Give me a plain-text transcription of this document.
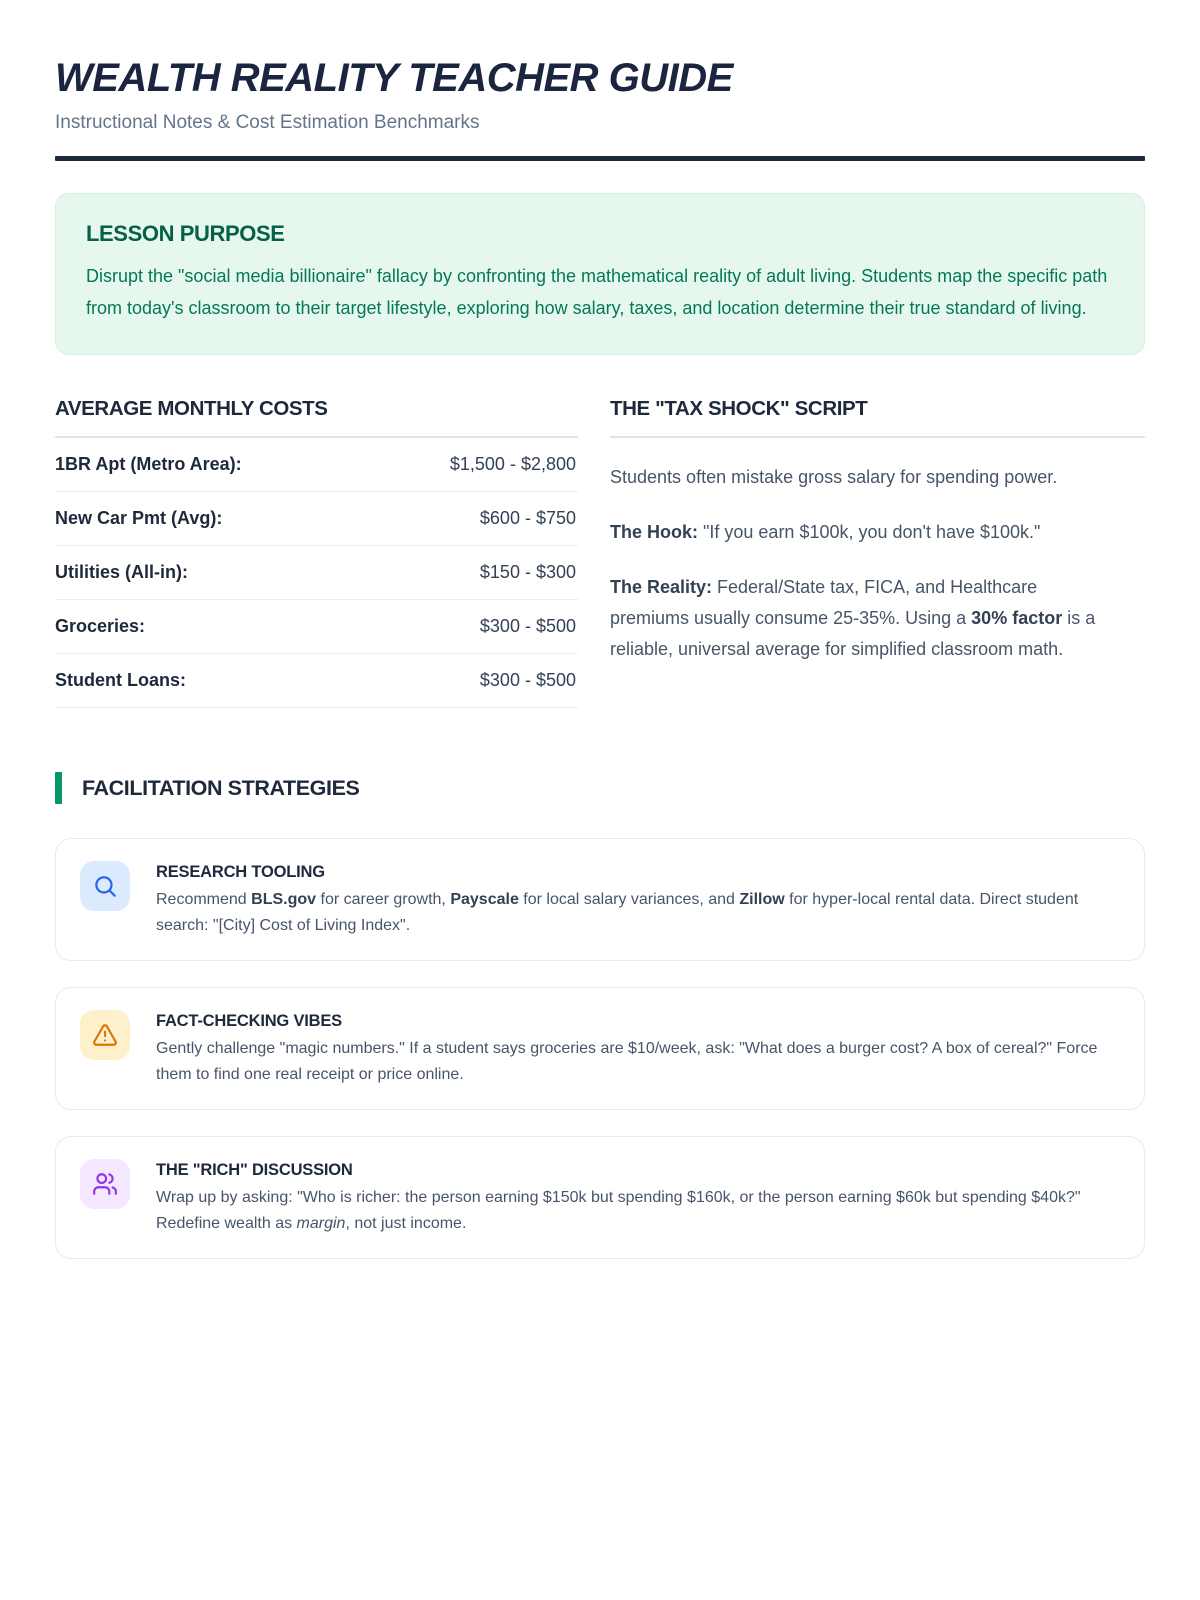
WEALTH REALITY TEACHER GUIDE

Instructional Notes & Cost Estimation Benchmarks

LESSON PURPOSE

Disrupt the "social media billionaire" fallacy by confronting the mathematical reality of adult living. Students map the specific path from today's classroom to their target lifestyle, exploring how salary, taxes, and location determine their true standard of living.

AVERAGE MONTHLY COSTS
1BR Apt (Metro Area):	$1,500 - $2,800
New Car Pmt (Avg):	$600 - $750
Utilities (All-in):	$150 - $300
Groceries:	$300 - $500
Student Loans:	$300 - $500
THE "TAX SHOCK" SCRIPT

Students often mistake gross salary for spending power.

The Hook: "If you earn $100k, you don't have $100k."

The Reality: Federal/State tax, FICA, and Healthcare premiums usually consume 25-35%. Using a 30% factor is a reliable, universal average for simplified classroom math.

FACILITATION STRATEGIES
RESEARCH TOOLING
Recommend BLS.gov for career growth, Payscale for local salary variances, and Zillow for hyper-local rental data. Direct student search: "[City] Cost of Living Index".
FACT-CHECKING VIBES
Gently challenge "magic numbers." If a student says groceries are $10/week, ask: "What does a burger cost? A box of cereal?" Force them to find one real receipt or price online.
THE "RICH" DISCUSSION
Wrap up by asking: "Who is richer: the person earning $150k but spending $160k, or the person earning $60k but spending $40k?" Redefine wealth as margin, not just income.
